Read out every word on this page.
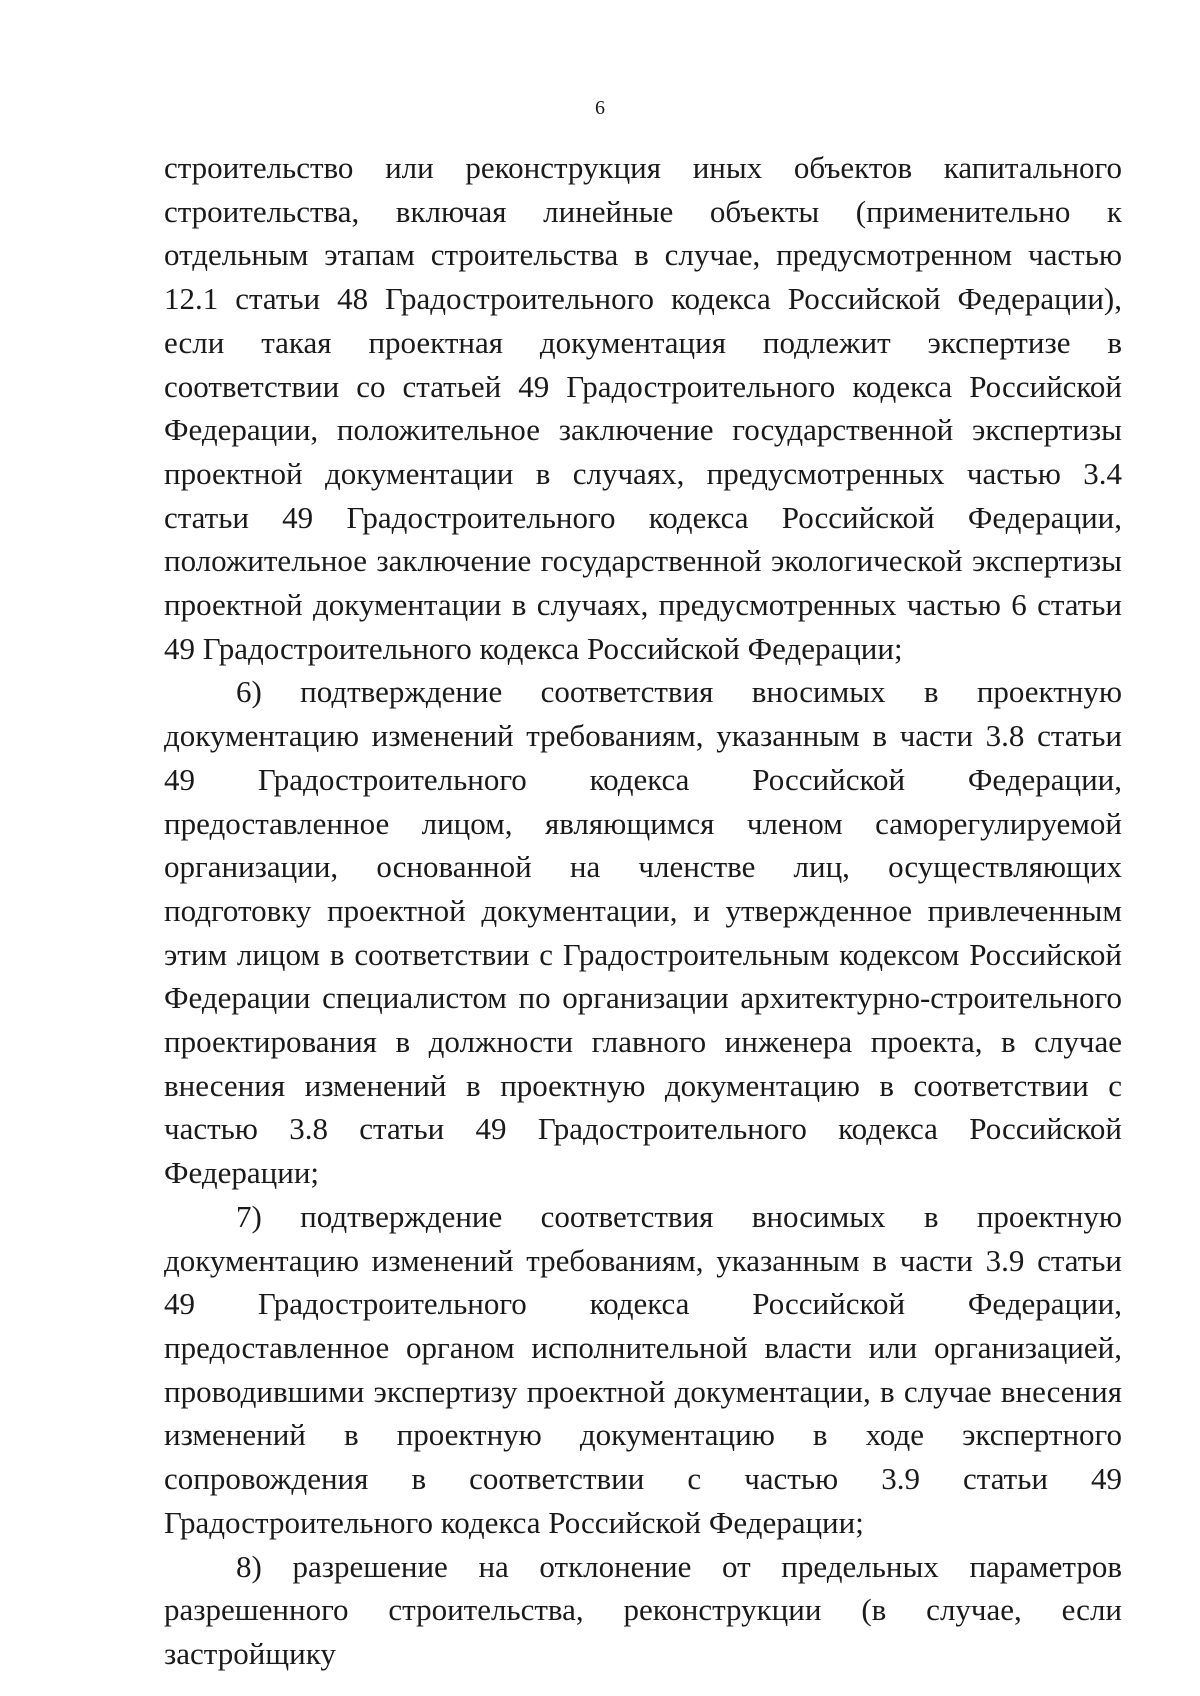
6

строительство или реконструкция иных объектов капитального строительства, включая линейные объекты (применительно к отдельным этапам строительства в случае, предусмотренном частью 12.1 статьи 48 Градостроительного кодекса Российской Федерации), если такая проектная документация подлежит экспертизе в соответствии со статьей 49 Градостроительного кодекса Российской Федерации, положительное заключение государственной экспертизы проектной документации в случаях, предусмотренных частью 3.4 статьи 49 Градостроительного кодекса Российской Федерации, положительное заключение государственной экологической экспертизы проектной документации в случаях, предусмотренных частью 6 статьи 49 Градостроительного кодекса Российской Федерации;

6) подтверждение соответствия вносимых в проектную документацию изменений требованиям, указанным в части 3.8 статьи 49 Градостроительного кодекса Российской Федерации, предоставленное лицом, являющимся членом саморегулируемой организации, основанной на членстве лиц, осуществляющих подготовку проектной документации, и утвержденное привлеченным этим лицом в соответствии с Градостроительным кодексом Российской Федерации специалистом по организации архитектурно-строительного проектирования в должности главного инженера проекта, в случае внесения изменений в проектную документацию в соответствии с частью 3.8 статьи 49 Градостроительного кодекса Российской Федерации;

7) подтверждение соответствия вносимых в проектную документацию изменений требованиям, указанным в части 3.9 статьи 49 Градостроительного кодекса Российской Федерации, предоставленное органом исполнительной власти или организацией, проводившими экспертизу проектной документации, в случае внесения изменений в проектную документацию в ходе экспертного сопровождения в соответствии с частью 3.9 статьи 49 Градостроительного кодекса Российской Федерации;

8) разрешение на отклонение от предельных параметров разрешенного строительства, реконструкции (в случае, если застройщику
